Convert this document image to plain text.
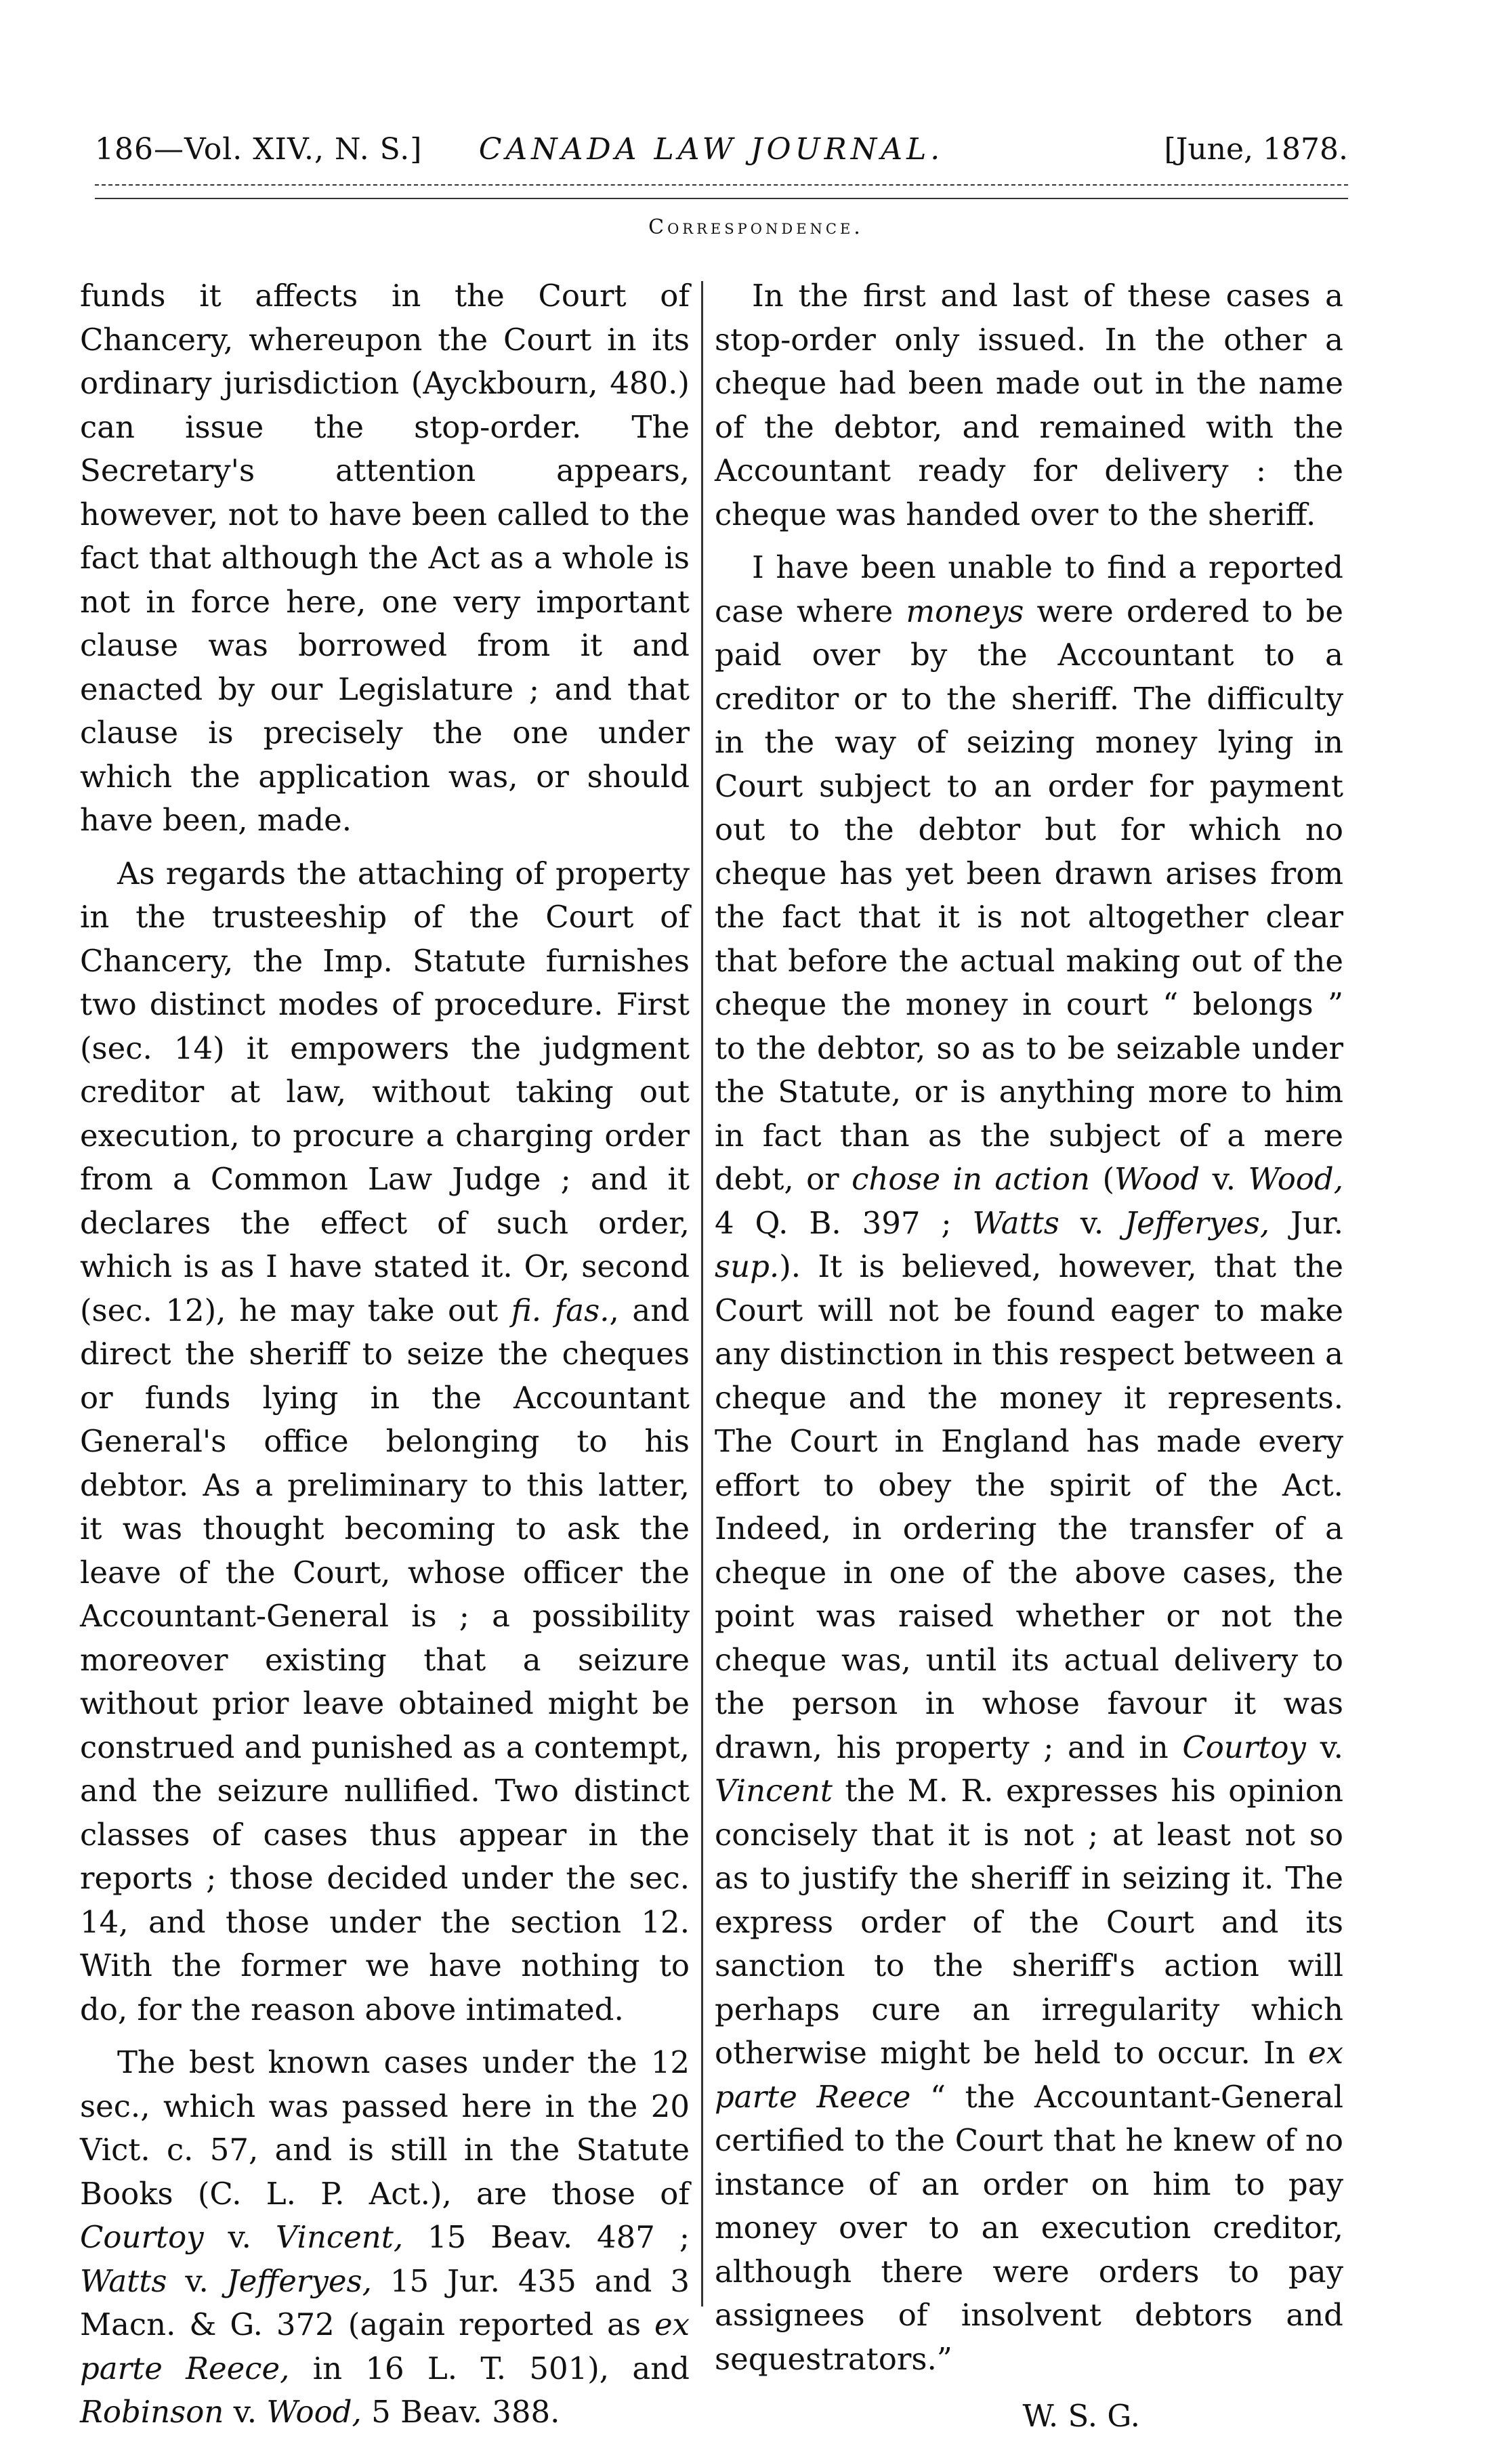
186—Vol. XIV., N. S.]	CANADA LAW JOURNAL.	[June, 1878.
Correspondence.

funds it affects in the Court of Chancery, whereupon the Court in its ordinary jurisdiction (Ayckbourn, 480.) can issue the stop-order. The Secretary's attention appears, however, not to have been called to the fact that although the Act as a whole is not in force here, one very important clause was borrowed from it and enacted by our Legislature ; and that clause is precisely the one under which the application was, or should have been, made.

As regards the attaching of property in the trusteeship of the Court of Chancery, the Imp. Statute furnishes two distinct modes of procedure. First (sec. 14) it empowers the judgment creditor at law, without taking out execution, to procure a charging order from a Common Law Judge ; and it declares the effect of such order, which is as I have stated it. Or, second (sec. 12), he may take out fi. fas., and direct the sheriff to seize the cheques or funds lying in the Accountant General's office belonging to his debtor. As a preliminary to this latter, it was thought becoming to ask the leave of the Court, whose officer the Accountant-General is ; a possibility moreover existing that a seizure without prior leave obtained might be construed and punished as a contempt, and the seizure nullified. Two distinct classes of cases thus appear in the reports ; those decided under the sec. 14, and those under the section 12. With the former we have nothing to do, for the reason above intimated.

The best known cases under the 12 sec., which was passed here in the 20 Vict. c. 57, and is still in the Statute Books (C. L. P. Act.), are those of Courtoy v. Vincent, 15 Beav. 487 ; Watts v. Jefferyes, 15 Jur. 435 and 3 Macn. & G. 372 (again reported as ex parte Reece, in 16 L. T. 501), and Robinson v. Wood, 5 Beav. 388.

In the first and last of these cases a stop-order only issued. In the other a cheque had been made out in the name of the debtor, and remained with the Accountant ready for delivery : the cheque was handed over to the sheriff.

I have been unable to find a reported case where moneys were ordered to be paid over by the Accountant to a creditor or to the sheriff. The difficulty in the way of seizing money lying in Court subject to an order for payment out to the debtor but for which no cheque has yet been drawn arises from the fact that it is not altogether clear that before the actual making out of the cheque the money in court “ belongs ” to the debtor, so as to be seizable under the Statute, or is anything more to him in fact than as the subject of a mere debt, or chose in action (Wood v. Wood, 4 Q. B. 397 ; Watts v. Jefferyes, Jur. sup.). It is believed, however, that the Court will not be found eager to make any distinction in this respect between a cheque and the money it represents. The Court in England has made every effort to obey the spirit of the Act. Indeed, in ordering the transfer of a cheque in one of the above cases, the point was raised whether or not the cheque was, until its actual delivery to the person in whose favour it was drawn, his property ; and in Courtoy v. Vincent the M. R. expresses his opinion concisely that it is not ; at least not so as to justify the sheriff in seizing it. The express order of the Court and its sanction to the sheriff's action will perhaps cure an irregularity which otherwise might be held to occur. In ex parte Reece “ the Accountant-General certified to the Court that he knew of no instance of an order on him to pay money over to an execution creditor, although there were orders to pay assignees of insolvent debtors and sequestrators.”

W. S. G.
